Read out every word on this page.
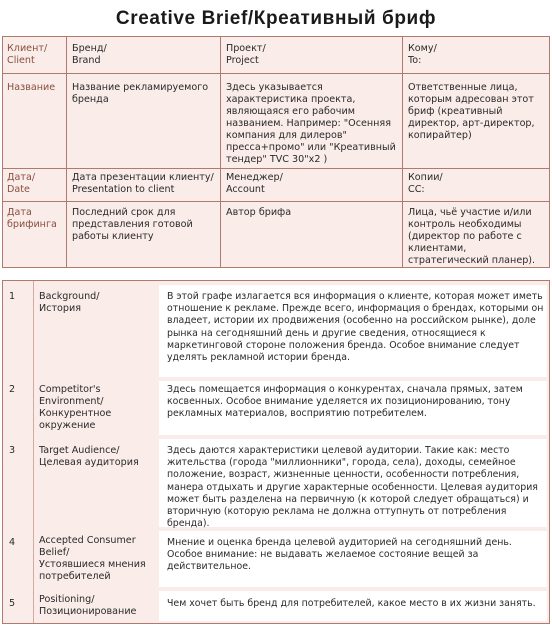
Creative Brief/Креативный бриф
Клиент/
Client
Бренд/
Brand
Проект/
Project
Кому/
To:
Название	Название рекламируемого бренда
Здесь указывается характеристика проекта, являющаяся его рабочим названием. Например: "Осенняя компания для дилеров" пресса+промо" или "Креативный тендер" TVC 30"x2 )
Ответственные лица, которым адресован этот бриф (креативный директор, арт-директор, копирайтер)
Дата/
Date
Дата презентации клиенту/
Presentation to client
Менеджер/
Account
Копии/
CC:
Дата брифинга
Последний срок для представления готовой работы клиенту
Автор брифа	Лица, чьё участие и/или контроль необходимы (директор по работе с клиентами, стратегический планер).
1 Background/
История
В этой графе излагается вся информация о клиенте, которая может иметь отношение к рекламе. Прежде всего, информация о брендах, которыми он владеет, истории их продвижения (особенно на российском рынке), доле рынка на сегодняшний день и другие сведения, относящиеся к маркетинговой стороне положения бренда. Особое внимание следует уделять рекламной истории бренда.
2 Competitor's Environment/
Конкурентное окружение
Здесь помещается информация о конкурентах, сначала прямых, затем косвенных. Особое внимание уделяется их позиционированию, тону рекламных материалов, восприятию потребителем.
3 Target Audience/
Целевая аудитория
Здесь даются характеристики целевой аудитории. Такие как: место жительства (города "миллионники", города, села), доходы, семейное положение, возраст, жизненные ценности, особенности потребления, манера отдыхать и другие характерные особенности. Целевая аудитория может быть разделена на первичную (к которой следует обращаться) и вторичную (которую реклама не должна оттупнуть от потребления бренда).
4 Accepted Consumer Belief/
Устоявшиеся мнения потребителей
Мнение и оценка бренда целевой аудиторией на сегодняшний день. Особое внимание: не выдавать желаемое состояние вещей за действительное.
5 Positioning/
Позиционирование
Чем хочет быть бренд для потребителей, какое место в их жизни занять.
